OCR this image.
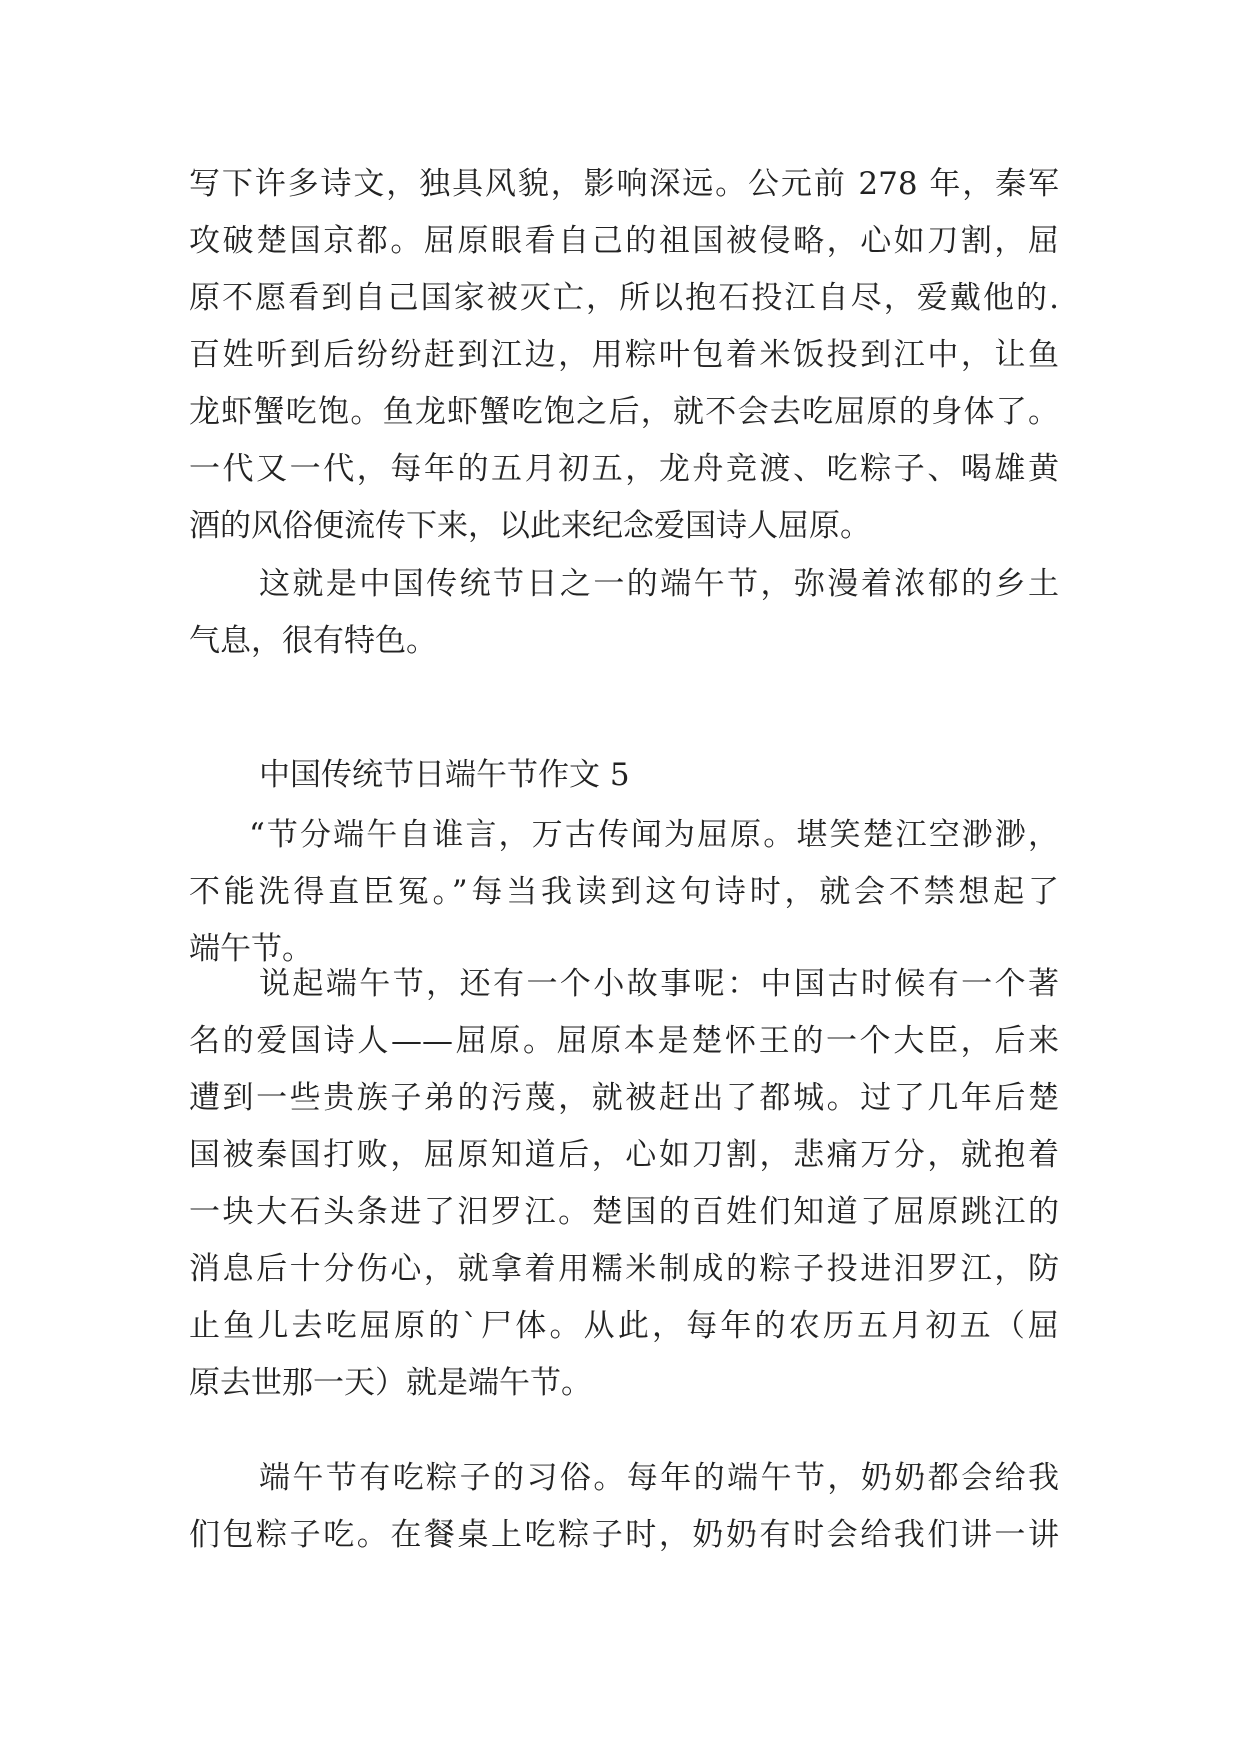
写下许多诗文，独具风貌，影响深远。公元前 278 年，秦军
攻破楚国京都。屈原眼看自己的祖国被侵略，心如刀割，屈
原不愿看到自己国家被灭亡，所以抱石投江自尽，爱戴他的.
百姓听到后纷纷赶到江边，用粽叶包着米饭投到江中，让鱼
龙虾蟹吃饱。鱼龙虾蟹吃饱之后，就不会去吃屈原的身体了。
一代又一代，每年的五月初五，龙舟竞渡、吃粽子、喝雄黄
酒的风俗便流传下来，以此来纪念爱国诗人屈原。
这就是中国传统节日之一的端午节，弥漫着浓郁的乡土
气息，很有特色。
中国传统节日端午节作文 5
“节分端午自谁言，万古传闻为屈原。堪笑楚江空渺渺，
不能洗得直臣冤。”每当我读到这句诗时，就会不禁想起了
端午节。
说起端午节，还有一个小故事呢：中国古时候有一个著
名的爱国诗人——屈原。屈原本是楚怀王的一个大臣，后来
遭到一些贵族子弟的污蔑，就被赶出了都城。过了几年后楚
国被秦国打败，屈原知道后，心如刀割，悲痛万分，就抱着
一块大石头条进了汨罗江。楚国的百姓们知道了屈原跳江的
消息后十分伤心，就拿着用糯米制成的粽子投进汨罗江，防
止鱼儿去吃屈原的`尸体。从此，每年的农历五月初五（屈
原去世那一天）就是端午节。
端午节有吃粽子的习俗。每年的端午节，奶奶都会给我
们包粽子吃。在餐桌上吃粽子时，奶奶有时会给我们讲一讲
